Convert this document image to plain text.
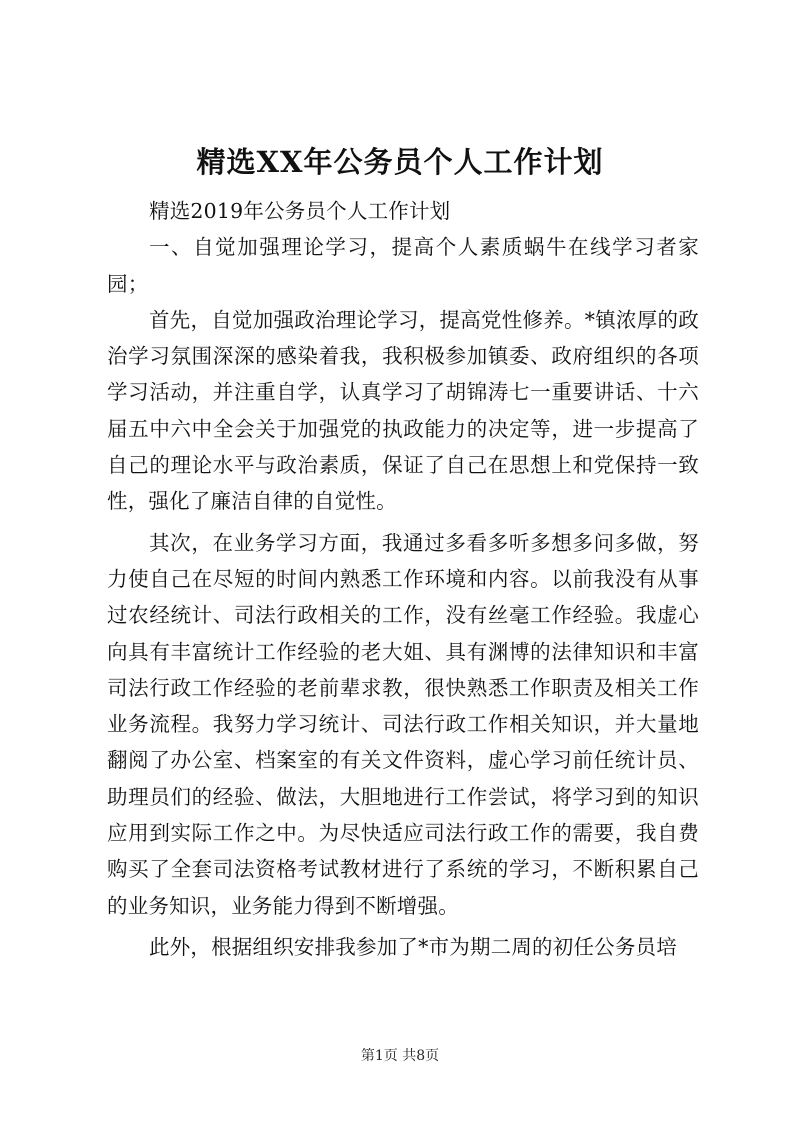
精选XX年公务员个人工作计划

精选2019年公务员个人工作计划

一、自觉加强理论学习，提高个人素质蜗牛在线学习者家园；

首先，自觉加强政治理论学习，提高党性修养。*镇浓厚的政治学习氛围深深的感染着我，我积极参加镇委、政府组织的各项学习活动，并注重自学，认真学习了胡锦涛七一重要讲话、十六届五中六中全会关于加强党的执政能力的决定等，进一步提高了自己的理论水平与政治素质，保证了自己在思想上和党保持一致性，强化了廉洁自律的自觉性。

其次，在业务学习方面，我通过多看多听多想多问多做，努力使自己在尽短的时间内熟悉工作环境和内容。以前我没有从事过农经统计、司法行政相关的工作，没有丝毫工作经验。我虚心向具有丰富统计工作经验的老大姐、具有渊博的法律知识和丰富司法行政工作经验的老前辈求教，很快熟悉工作职责及相关工作业务流程。我努力学习统计、司法行政工作相关知识，并大量地翻阅了办公室、档案室的有关文件资料，虚心学习前任统计员、助理员们的经验、做法，大胆地进行工作尝试，将学习到的知识应用到实际工作之中。为尽快适应司法行政工作的需要，我自费购买了全套司法资格考试教材进行了系统的学习，不断积累自己的业务知识，业务能力得到不断增强。

此外，根据组织安排我参加了*市为期二周的初任公务员培

第1页 共8页
